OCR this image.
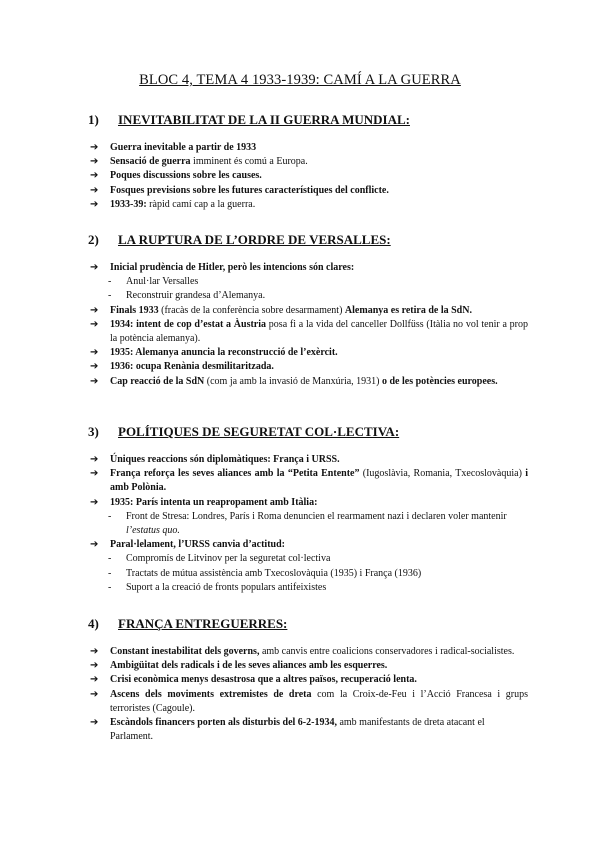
BLOC 4, TEMA 4 1933-1939: CAMÍ A LA GUERRA
1) INEVITABILITAT DE LA II GUERRA MUNDIAL:

➔ Guerra inevitable a partir de 1933

➔ Sensació de guerra imminent és comú a Europa.

➔ Poques discussions sobre les causes.

➔ Fosques previsions sobre les futures característiques del conflicte.

➔ 1933-39: ràpid camí cap a la guerra.

2) LA RUPTURA DE L’ORDRE DE VERSALLES:

➔ Inicial prudència de Hitler, però les intencions són clares:

- Anul·lar Versalles

- Reconstruir grandesa d’Alemanya.

➔ Finals 1933 (fracàs de la conferència sobre desarmament) Alemanya es retira de la SdN.

➔ 1934: intent de cop d’estat a Àustria posa fi a la vida del canceller Dollfüss (Itàlia no vol tenir a prop la potència alemanya).

➔ 1935: Alemanya anuncia la reconstrucció de l’exèrcit.

➔ 1936: ocupa Renània desmilitaritzada.

➔ Cap reacció de la SdN (com ja amb la invasió de Manxúria, 1931) o de les potències europees.

3) POLÍTIQUES DE SEGURETAT COL·LECTIVA:

➔ Úniques reaccions són diplomàtiques: França i URSS.

➔ França reforça les seves aliances amb la “Petita Entente” (Iugoslàvia, Romania, Txecoslovàquia) i amb Polònia.

➔ 1935: París intenta un reapropament amb Itàlia:

- Front de Stresa: Londres, París i Roma denuncien el rearmament nazi i declaren voler mantenir l’estatus quo.

➔ Paral·lelament, l’URSS canvia d’actitud:

- Compromís de Litvinov per la seguretat col·lectiva

- Tractats de mútua assistència amb Txecoslovàquia (1935) i França (1936)

- Suport a la creació de fronts populars antifeixistes

4) FRANÇA ENTREGUERRES:

➔ Constant inestabilitat dels governs, amb canvis entre coalicions conservadores i radical-socialistes.

➔ Ambigüitat dels radicals i de les seves aliances amb les esquerres.

➔ Crisi econòmica menys desastrosa que a altres països, recuperació lenta.

➔ Ascens dels moviments extremistes de dreta com la Croix-de-Feu i l’Acció Francesa i grups terroristes (Cagoule).

➔ Escàndols financers porten als disturbis del 6-2-1934, amb manifestants de dreta atacant el Parlament.
